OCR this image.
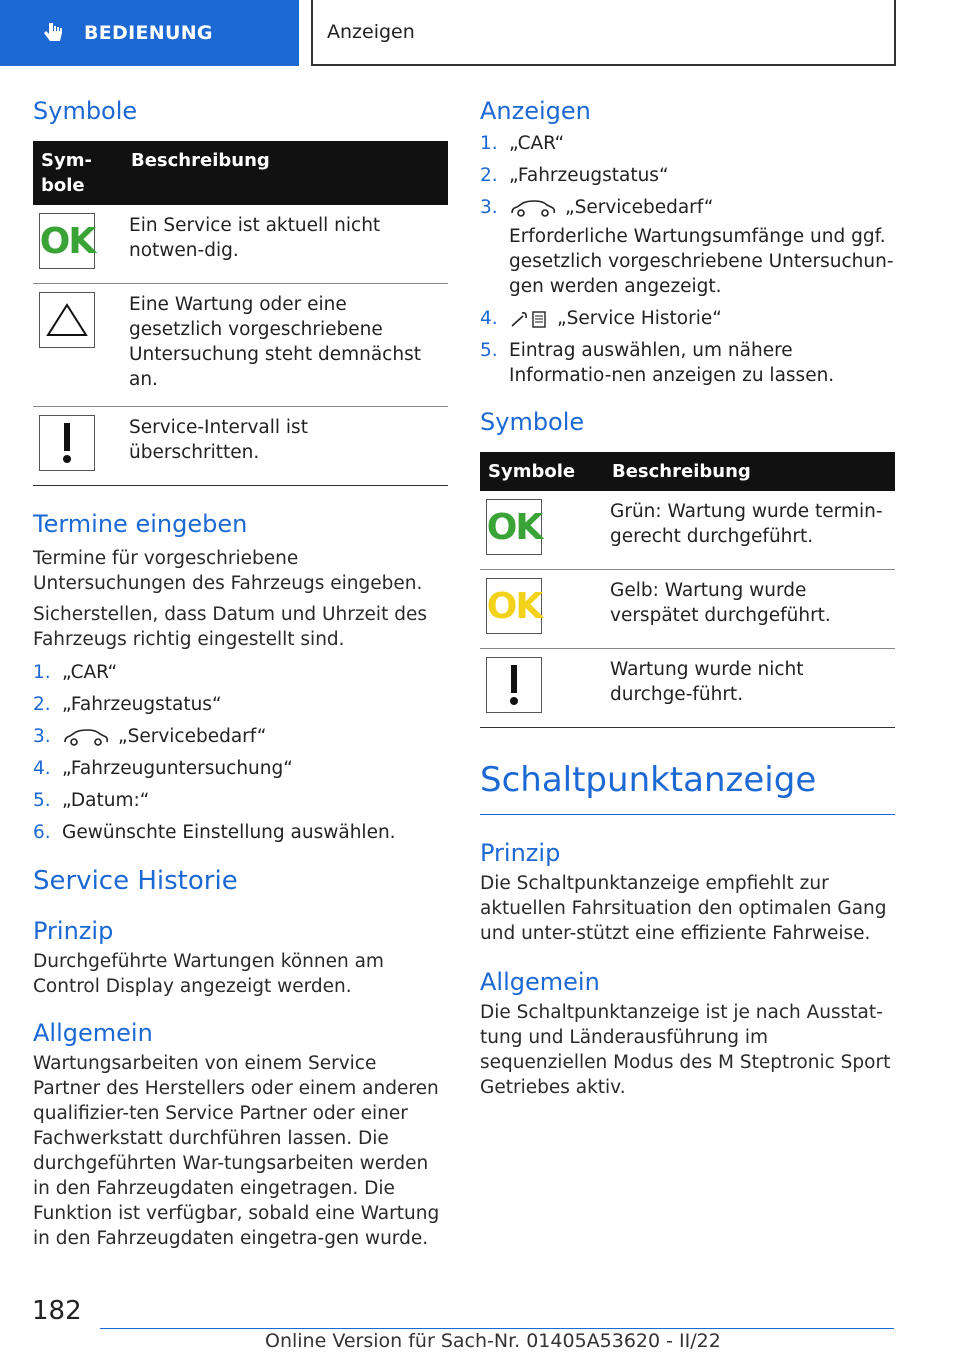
BEDIENUNG	Anzeigen
Symbole
Sym-
bole	Beschreibung

OK	Ein Service ist aktuell nicht notwen-dig.

	Eine Wartung oder eine gesetzlich vorgeschriebene Untersuchung steht demnächst an.

	Service-Intervall ist überschritten.
Termine eingeben

Termine für vorgeschriebene Untersuchungen des Fahrzeugs eingeben.

Sicherstellen, dass Datum und Uhrzeit des Fahrzeugs richtig eingestellt sind.

1. „CAR“
2. „Fahrzeugstatus“
3.	„Servicebedarf“
4. „Fahrzeuguntersuchung“
5. „Datum:“
6. Gewünschte Einstellung auswählen.
Service Historie
Prinzip

Durchgeführte Wartungen können am Control Display angezeigt werden.

Allgemein

Wartungsarbeiten von einem Service Partner des Herstellers oder einem anderen qualifizier-ten Service Partner oder einer Fachwerkstatt durchführen lassen. Die durchgeführten War-tungsarbeiten werden in den Fahrzeugdaten eingetragen. Die Funktion ist verfügbar, sobald eine Wartung in den Fahrzeugdaten eingetra-gen wurde.

Anzeigen
1. „CAR“
2. „Fahrzeugstatus“
3.	„Servicebedarf“
Erforderliche Wartungsumfänge und ggf. gesetzlich vorgeschriebene Untersuchun-gen werden angezeigt.
4.	„Service Historie“
5. Eintrag auswählen, um nähere Informatio-nen anzeigen zu lassen.
Symbole
Symbole	Beschreibung

OK	Grün: Wartung wurde termin-gerecht durchgeführt.

OK	Gelb: Wartung wurde verspätet durchgeführt.

	Wartung wurde nicht durchge-führt.
Schaltpunktanzeige
Prinzip

Die Schaltpunktanzeige empfiehlt zur aktuellen Fahrsituation den optimalen Gang und unter-stützt eine effiziente Fahrweise.

Allgemein

Die Schaltpunktanzeige ist je nach Ausstat-tung und Länderausführung im sequenziellen Modus des M Steptronic Sport Getriebes aktiv.

182
Online Version für Sach-Nr. 01405A53620 - II/22
